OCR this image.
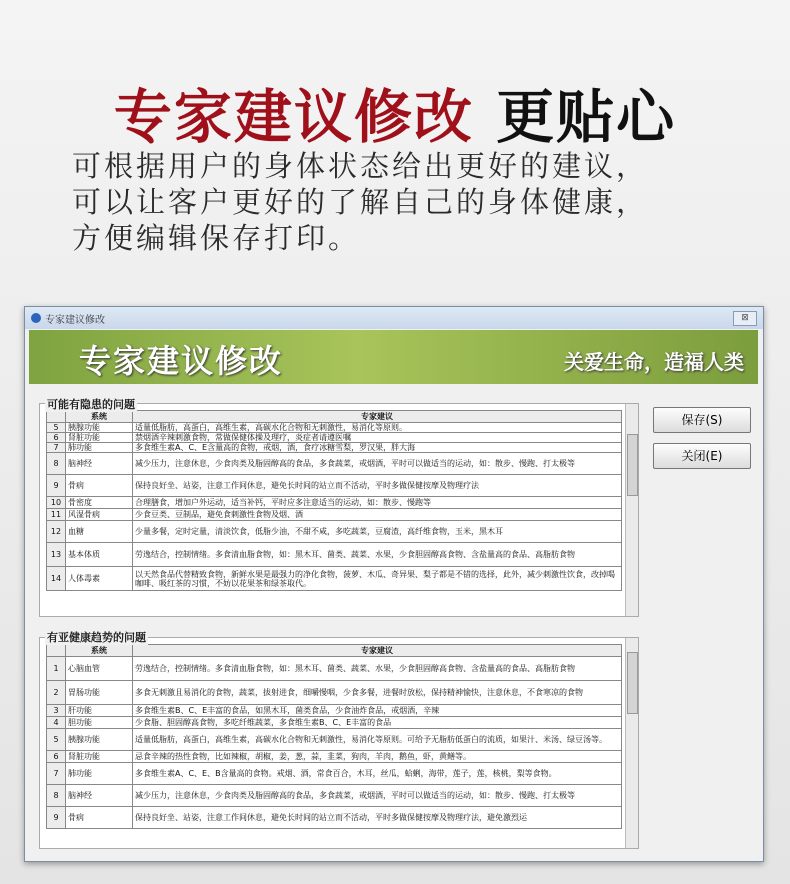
专家建议修改 更贴心
可根据用户的身体状态给出更好的建议，
可以让客户更好的了解自己的身体健康，
方便编辑保存打印。
专家建议修改	⊠
专家建议修改	关爱生命，造福人类
	系统	专家建议
5	胰腺功能	适量低脂肪，高蛋白，高维生素，高碳水化合物和无刺激性，易消化等原则。
6	肾脏功能	禁烟酒辛辣刺激食物，常做保健体操及理疗，炎症者请遵医嘱
7	肺功能	多食维生素A、C、E含量高的食物，戒烟，酒，食疗冰糖雪梨，罗汉果，胖大海
8	脑神经	减少压力，注意休息，少食肉类及脂固醇高的食品，多食蔬菜，戒烟酒，平时可以做适当的运动，如：散步、慢跑、打太极等
9	骨病	保持良好坐、站姿，注意工作间休息，避免长时间的站立而不活动，平时多做保健按摩及物理疗法
10	骨密度	合理膳食，增加户外运动，适当补钙，平时应多注意适当的运动，如：散步、慢跑等
11	风湿骨病	少食豆类、豆制品，避免食刺激性食物及烟、酒
12	血糖	少量多餐，定时定量，清淡饮食，低脂少油，不甜不咸，多吃蔬菜，豆腐渣，高纤维食物，玉米，黑木耳
13	基本体质	劳逸结合，控制情绪。多食清血脂食物，如：黑木耳、菌类、蔬菜、水果，少食胆固醇高食物、含盐量高的食品、高脂肪食物
14	人体毒素	以天然食品代替精致食物，新鲜水果是最强力的净化食物，菠萝、木瓜、奇异果、梨子都是不错的选择，此外，减少刺激性饮食，改掉喝咖啡、吸红茶的习惯，不妨以花果茶和绿茶取代。
可能有隐患的问题
	系统	专家建议
1	心脑血管	劳逸结合，控制情绪。多食清血脂食物，如：黑木耳、菌类、蔬菜、水果，少食胆固醇高食物、含盐量高的食品、高脂肪食物
2	胃肠功能	多食无刺激且易消化的食物，蔬菜，拔射进食，细嚼慢咽，少食多餐，进餐时放松，保持精神愉快，注意休息，不食寒凉的食物
3	肝功能	多食维生素B、C、E丰富的食品，如黑木耳，菌类食品，少食油炸食品，戒烟酒，辛辣
4	胆功能	少食脂、胆固醇高食物，多吃纤维蔬菜，多食维生素B、C、E丰富的食品
5	胰腺功能	适量低脂肪，高蛋白，高维生素，高碳水化合物和无刺激性，易消化等原则。可给予无脂肪低蛋白的流质，如果汁、米汤、绿豆汤等。
6	肾脏功能	忌食辛辣的热性食物，比如辣椒，胡椒，姜，葱，蒜，韭菜，狗肉，羊肉，鹅鱼，虾，黄鳝等。
7	肺功能	多食维生素A、C、E、B含量高的食物。戒烟、酒，常食百合，木耳，丝瓜，蛤蜊，海带，莲子，莲，核桃，梨等食物。
8	脑神经	减少压力，注意休息，少食肉类及脂固醇高的食品，多食蔬菜，戒烟酒，平时可以做适当的运动，如：散步、慢跑、打太极等
9	骨病	保持良好坐、站姿，注意工作间休息，避免长时间的站立而不活动，平时多做保健按摩及物理疗法，避免激烈运
有亚健康趋势的问题
保存(S)
关闭(E)
